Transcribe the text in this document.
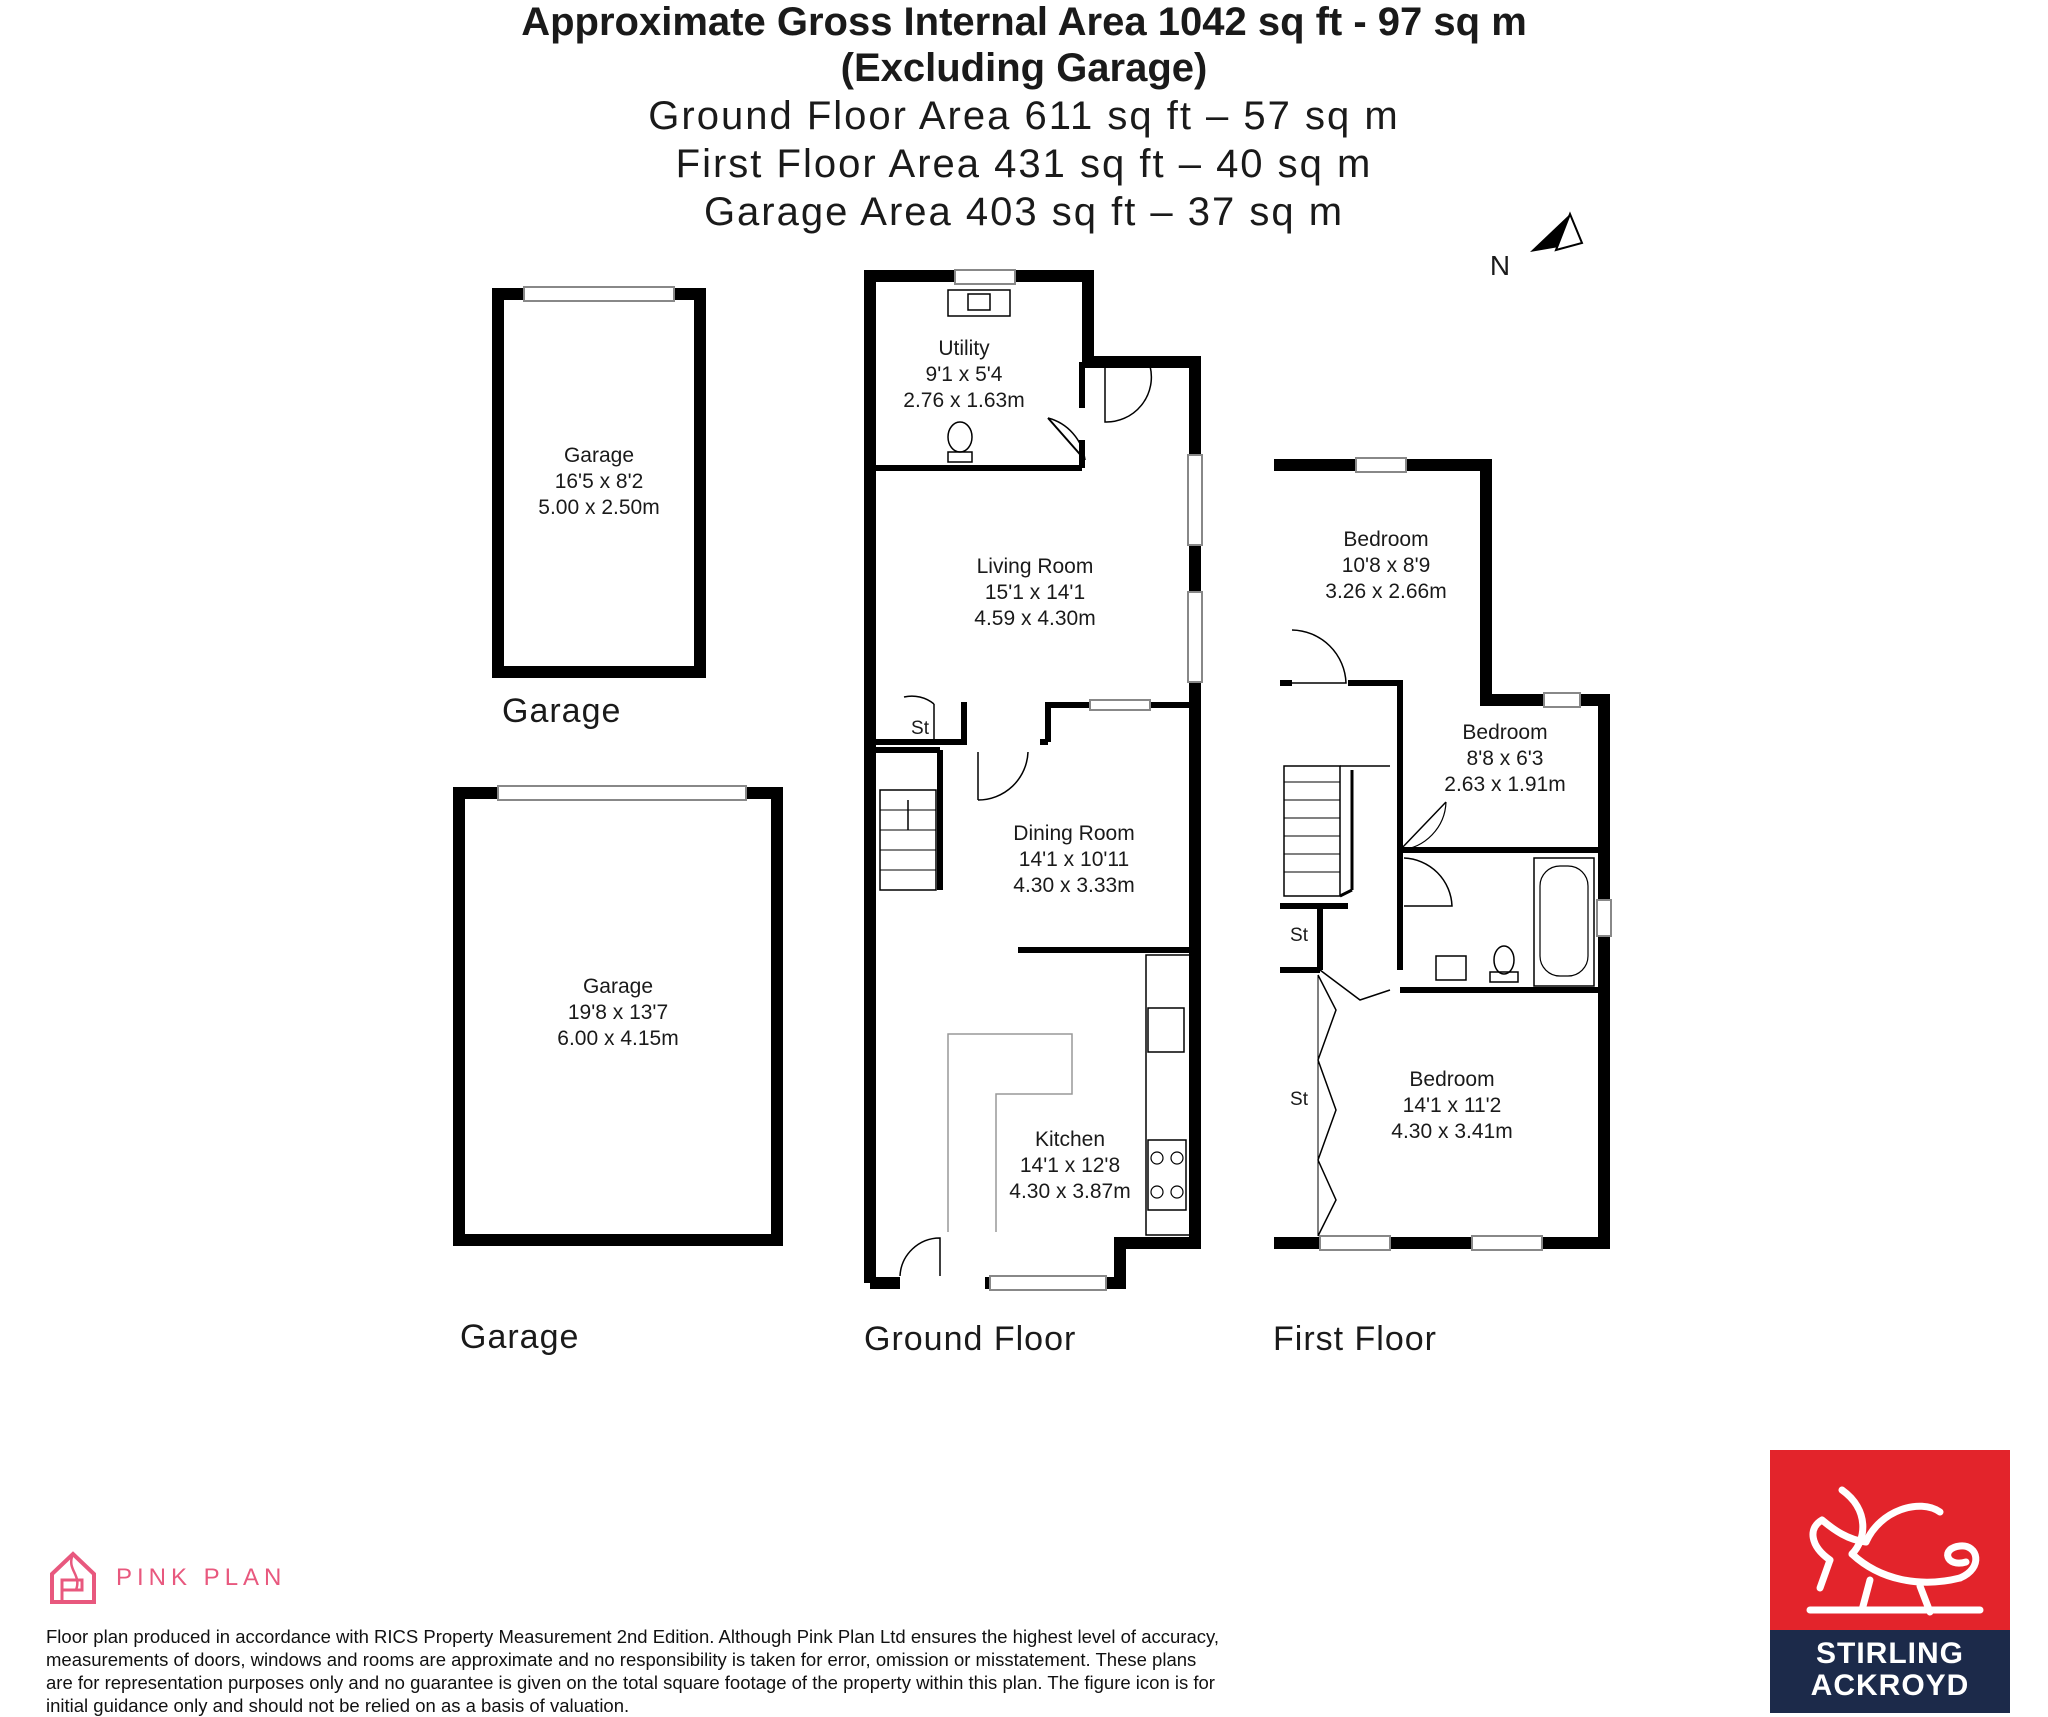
Approximate Gross Internal Area 1042 sq ft - 97 sq m
(Excluding Garage)
Ground Floor Area 611 sq ft – 57 sq m
First Floor Area 431 sq ft – 40 sq m
Garage Area 403 sq ft – 37 sq m
N
Garage
16'5 x 8'2
5.00 x 2.50m
Garage
19'8 x 13'7
6.00 x 4.15m
Utility
9'1 x 5'4
2.76 x 1.63m
Living Room
15'1 x 14'1
4.59 x 4.30m
St
Dining Room
14'1 x 10'11
4.30 x 3.33m
Kitchen
14'1 x 12'8
4.30 x 3.87m
Bedroom
10'8 x 8'9
3.26 x 2.66m
Bedroom
8'8 x 6'3
2.63 x 1.91m
St
St
Bedroom
14'1 x 11'2
4.30 x 3.41m
Garage
Garage	Ground Floor	First Floor
PINK PLAN
Floor plan produced in accordance with RICS Property Measurement 2nd Edition. Although Pink Plan Ltd ensures the highest level of accuracy, measurements of doors, windows and rooms are approximate and no responsibility is taken for error, omission or misstatement. These plans are for representation purposes only and no guarantee is given on the total square footage of the property within this plan. The figure icon is for initial guidance only and should not be relied on as a basis of valuation.
STIRLING
ACKROYD
